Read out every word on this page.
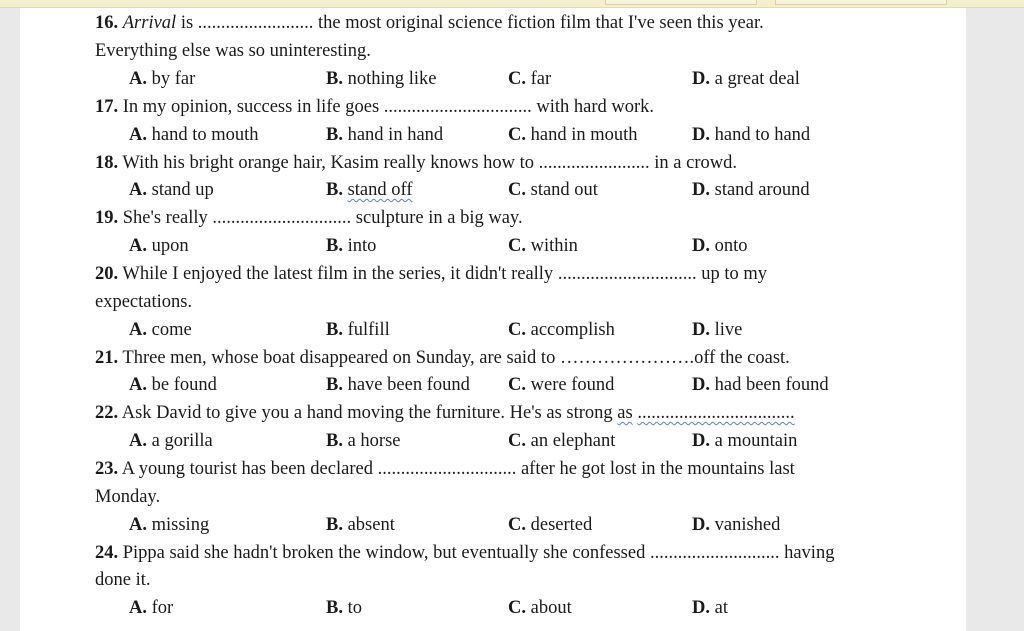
16. Arrival is ......................... the most original science fiction film that I've seen this year.
Everything else was so uninteresting.
A. by far	B. nothing like	C. far	D. a great deal
17. In my opinion, success in life goes ................................ with hard work.
A. hand to mouth	B. hand in hand	C. hand in mouth	D. hand to hand
18. With his bright orange hair, Kasim really knows how to ........................ in a crowd.
A. stand up	B. stand off	C. stand out	D. stand around
19. She's really .............................. sculpture in a big way.
A. upon	B. into	C. within	D. onto
20. While I enjoyed the latest film in the series, it didn't really .............................. up to my
expectations.
A. come	B. fulfill	C. accomplish	D. live
21. Three men, whose boat disappeared on Sunday, are said to ………………….off the coast.
A. be found	B. have been found C. were found	D. had been found
22. Ask David to give you a hand moving the furniture. He's as strong as ..................................
A. a gorilla	B. a horse	C. an elephant	D. a mountain
23. A young tourist has been declared .............................. after he got lost in the mountains last
Monday.
A. missing	B. absent	C. deserted	D. vanished
24. Pippa said she hadn't broken the window, but eventually she confessed ............................ having
done it.
A. for	B. to	C. about	D. at
